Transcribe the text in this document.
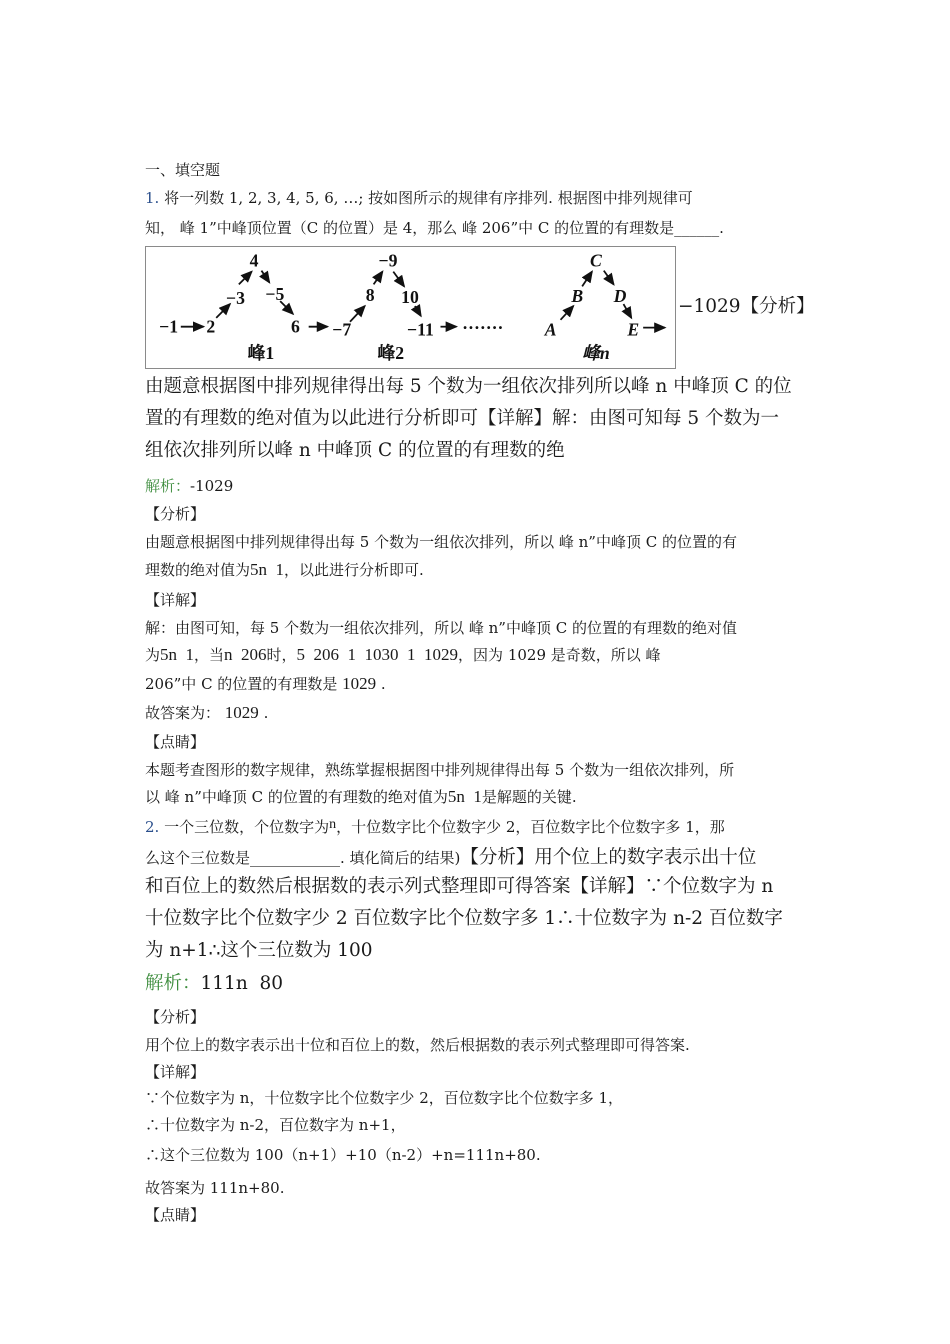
一、填空题
1. 将一列数 1, 2, 3, 4, 5, 6, …; 按如图所示的规律有序排列. 根据图中排列规律可
知， 峰 1”中峰顶位置（C 的位置）是 4，那么 峰 206”中 C 的位置的有理数是______.
−1 2
−3
4
−5
6
峰1
−7
8
−9
10
−11
峰2
······· A
B
C
D
E
峰n
−1029【分析】
由题意根据图中排列规律得出每 5 个数为一组依次排列所以峰 n 中峰顶 C 的位
置的有理数的绝对值为以此进行分析即可【详解】解：由图可知每 5 个数为一
组依次排列所以峰 n 中峰顶 C 的位置的有理数的绝
解析：-1029
【分析】
由题意根据图中排列规律得出每 5 个数为一组依次排列，所以 峰 n”中峰顶 C 的位置的有
理数的绝对值为5n  1，以此进行分析即可.
【详解】
解：由图可知，每 5 个数为一组依次排列，所以 峰 n”中峰顶 C 的位置的有理数的绝对值
为5n  1，当n  206时，5  206  1  1030  1  1029，因为 1029 是奇数，所以 峰
206”中 C 的位置的有理数是 1029 .
故答案为： 1029 .
【点睛】
本题考查图形的数字规律，熟练掌握根据图中排列规律得出每 5 个数为一组依次排列，所
以 峰 n”中峰顶 C 的位置的有理数的绝对值为5n  1是解题的关键.
2. 一个三位数，个位数字为n，十位数字比个位数字少 2，百位数字比个位数字多 1，那
么这个三位数是____________. 填化简后的结果)【分析】用个位上的数字表示出十位
和百位上的数然后根据数的表示列式整理即可得答案【详解】∵个位数字为 n
十位数字比个位数字少 2 百位数字比个位数字多 1∴十位数字为 n-2 百位数字
为 n+1∴这个三位数为 100
解析：111n  80
【分析】
用个位上的数字表示出十位和百位上的数，然后根据数的表示列式整理即可得答案.
【详解】
∵个位数字为 n，十位数字比个位数字少 2，百位数字比个位数字多 1，
∴十位数字为 n-2，百位数字为 n+1，
∴这个三位数为 100（n+1）+10（n-2）+n=111n+80.
故答案为 111n+80.
【点睛】
